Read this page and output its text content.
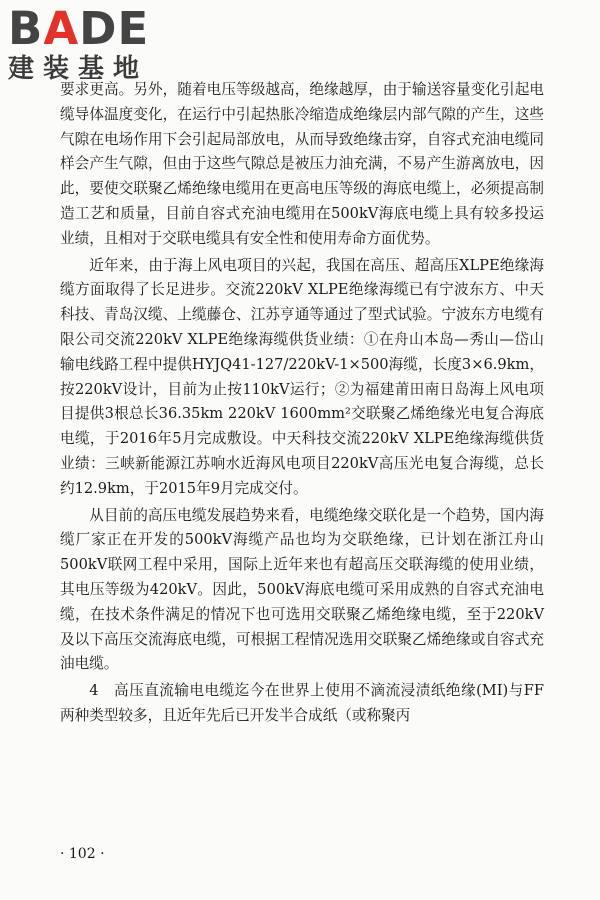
BADE
建装基地

要求更高。另外，随着电压等级越高，绝缘越厚，由于输送容量变化引起电缆导体温度变化，在运行中引起热胀冷缩造成绝缘层内部气隙的产生，这些气隙在电场作用下会引起局部放电，从而导致绝缘击穿，自容式充油电缆同样会产生气隙，但由于这些气隙总是被压力油充满，不易产生游离放电，因此，要使交联聚乙烯绝缘电缆用在更高电压等级的海底电缆上，必须提高制造工艺和质量，目前自容式充油电缆用在500kV海底电缆上具有较多投运业绩，且相对于交联电缆具有安全性和使用寿命方面优势。

近年来，由于海上风电项目的兴起，我国在高压、超高压XLPE绝缘海缆方面取得了长足进步。交流220kV XLPE绝缘海缆已有宁波东方、中天科技、青岛汉缆、上缆藤仓、江苏亨通等通过了型式试验。宁波东方电缆有限公司交流220kV XLPE绝缘海缆供货业绩：①在舟山本岛—秀山—岱山输电线路工程中提供HYJQ41-127/220kV-1×500海缆，长度3×6.9km，按220kV设计，目前为止按110kV运行；②为福建莆田南日岛海上风电项目提供3根总长36.35km 220kV 1600mm²交联聚乙烯绝缘光电复合海底电缆，于2016年5月完成敷设。中天科技交流220kV XLPE绝缘海缆供货业绩：三峡新能源江苏响水近海风电项目220kV高压光电复合海缆，总长约12.9km，于2015年9月完成交付。

从目前的高压电缆发展趋势来看，电缆绝缘交联化是一个趋势，国内海缆厂家正在开发的500kV海缆产品也均为交联绝缘，已计划在浙江舟山500kV联网工程中采用，国际上近年来也有超高压交联海缆的使用业绩，其电压等级为420kV。因此，500kV海底电缆可采用成熟的自容式充油电缆，在技术条件满足的情况下也可选用交联聚乙烯绝缘电缆，至于220kV及以下高压交流海底电缆，可根据工程情况选用交联聚乙烯绝缘或自容式充油电缆。

4　高压直流输电电缆迄今在世界上使用不滴流浸渍纸绝缘(MI)与FF两种类型较多，且近年先后已开发半合成纸（或称聚丙

· 102 ·
